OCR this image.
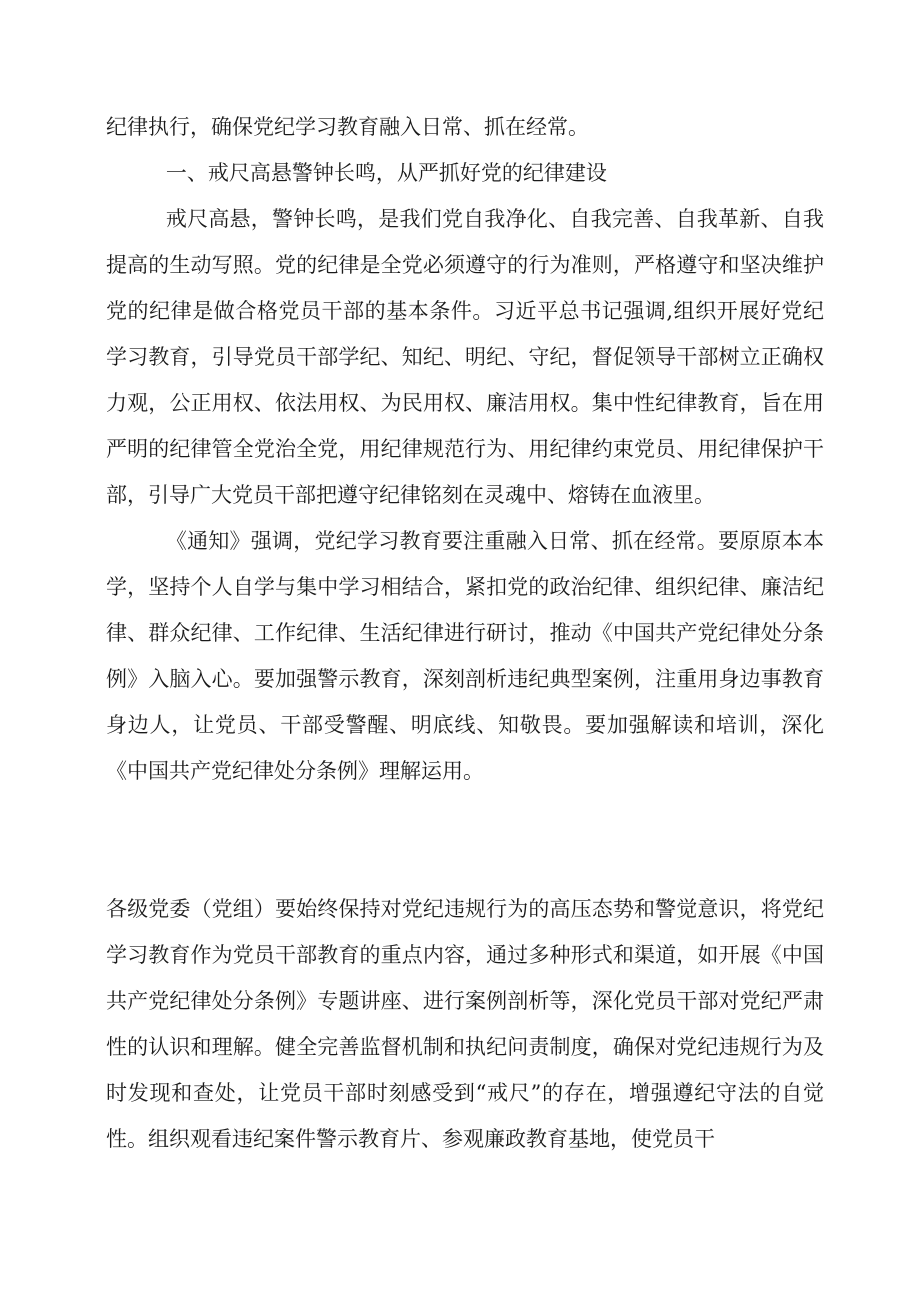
纪律执行，确保党纪学习教育融入日常、抓在经常。

一、戒尺高悬警钟长鸣，从严抓好党的纪律建设

戒尺高悬，警钟长鸣，是我们党自我净化、自我完善、自我革新、自我提高的生动写照。党的纪律是全党必须遵守的行为准则，严格遵守和坚决维护党的纪律是做合格党员干部的基本条件。习近平总书记强调,组织开展好党纪学习教育，引导党员干部学纪、知纪、明纪、守纪，督促领导干部树立正确权力观，公正用权、依法用权、为民用权、廉洁用权。集中性纪律教育，旨在用严明的纪律管全党治全党，用纪律规范行为、用纪律约束党员、用纪律保护干部，引导广大党员干部把遵守纪律铭刻在灵魂中、熔铸在血液里。

《通知》强调，党纪学习教育要注重融入日常、抓在经常。要原原本本学，坚持个人自学与集中学习相结合，紧扣党的政治纪律、组织纪律、廉洁纪律、群众纪律、工作纪律、生活纪律进行研讨，推动《中国共产党纪律处分条例》入脑入心。要加强警示教育，深刻剖析违纪典型案例，注重用身边事教育身边人，让党员、干部受警醒、明底线、知敬畏。要加强解读和培训，深化《中国共产党纪律处分条例》理解运用。

各级党委（党组）要始终保持对党纪违规行为的高压态势和警觉意识，将党纪学习教育作为党员干部教育的重点内容，通过多种形式和渠道，如开展《中国共产党纪律处分条例》专题讲座、进行案例剖析等，深化党员干部对党纪严肃性的认识和理解。健全完善监督机制和执纪问责制度，确保对党纪违规行为及时发现和查处，让党员干部时刻感受到“戒尺”的存在，增强遵纪守法的自觉性。组织观看违纪案件警示教育片、参观廉政教育基地，使党员干
